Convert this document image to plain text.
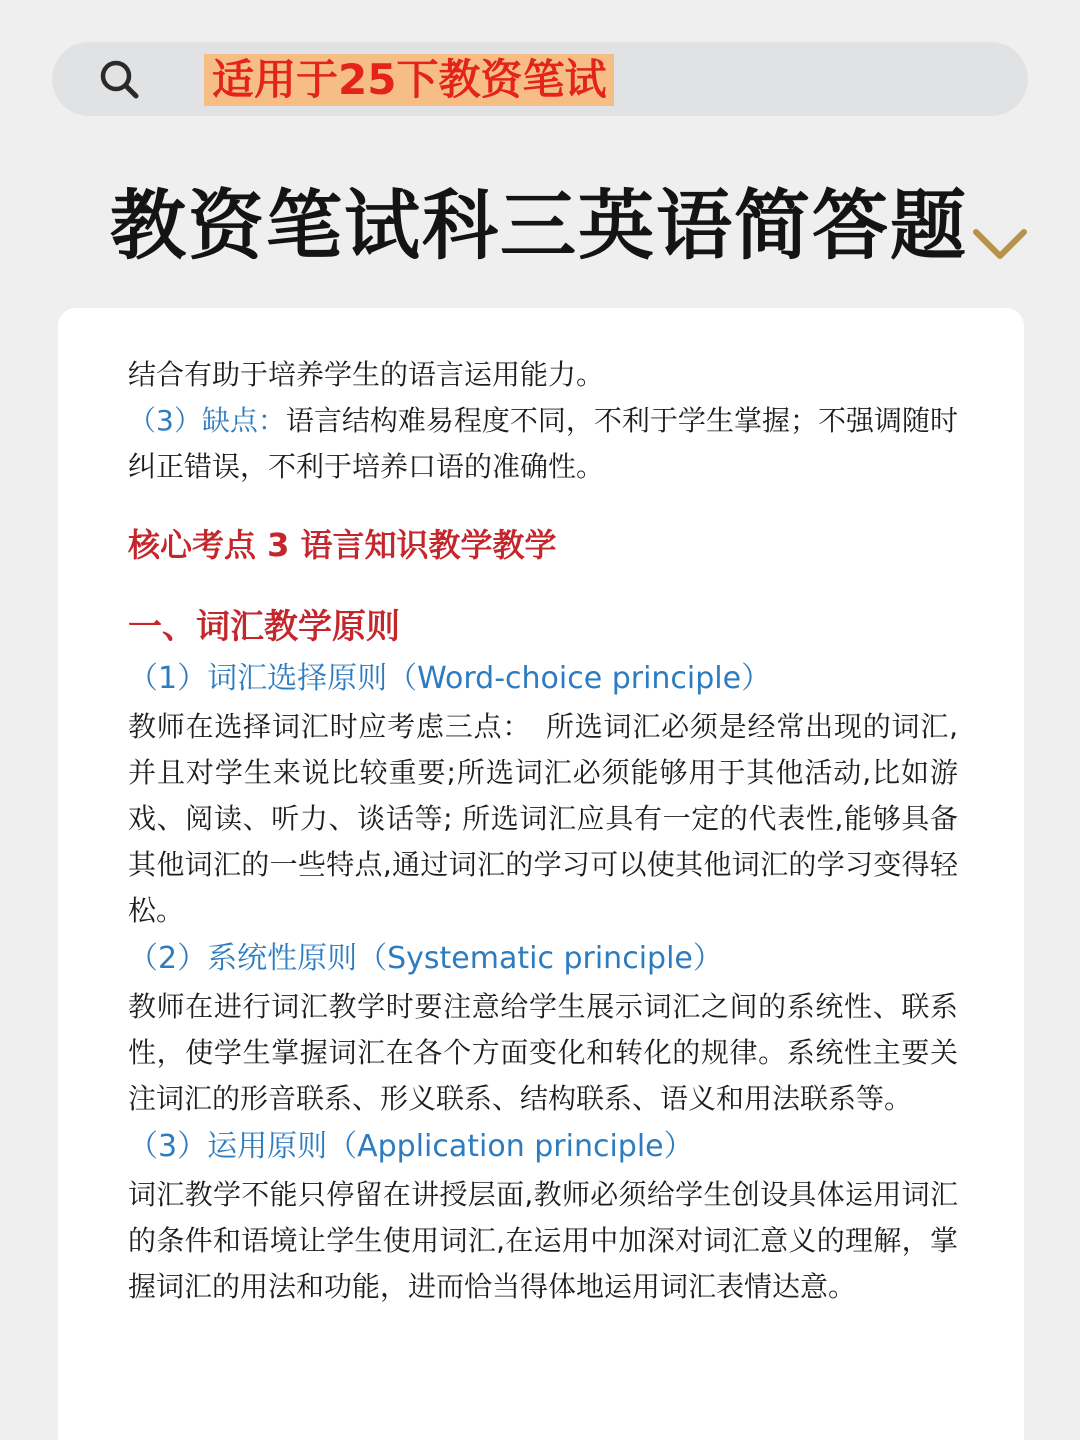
适用于25下教资笔试
教资笔试科三英语简答题

结合有助于培养学生的语言运用能力。

（3）缺点：语言结构难易程度不同，不利于学生掌握；不强调随时纠正错误，不利于培养口语的准确性。

核心考点 3 语言知识教学教学

一、词汇教学原则

（1）词汇选择原则（Word-choice principle）

教师在选择词汇时应考虑三点：　所选词汇必须是经常出现的词汇,并且对学生来说比较重要;所选词汇必须能够用于其他活动,比如游戏、阅读、听力、谈话等; 所选词汇应具有一定的代表性,能够具备其他词汇的一些特点,通过词汇的学习可以使其他词汇的学习变得轻松。

（2）系统性原则（Systematic principle）

教师在进行词汇教学时要注意给学生展示词汇之间的系统性、联系性，使学生掌握词汇在各个方面变化和转化的规律。系统性主要关注词汇的形音联系、形义联系、结构联系、语义和用法联系等。

（3）运用原则（Application principle）

词汇教学不能只停留在讲授层面,教师必须给学生创设具体运用词汇的条件和语境让学生使用词汇,在运用中加深对词汇意义的理解，掌握词汇的用法和功能，进而恰当得体地运用词汇表情达意。
